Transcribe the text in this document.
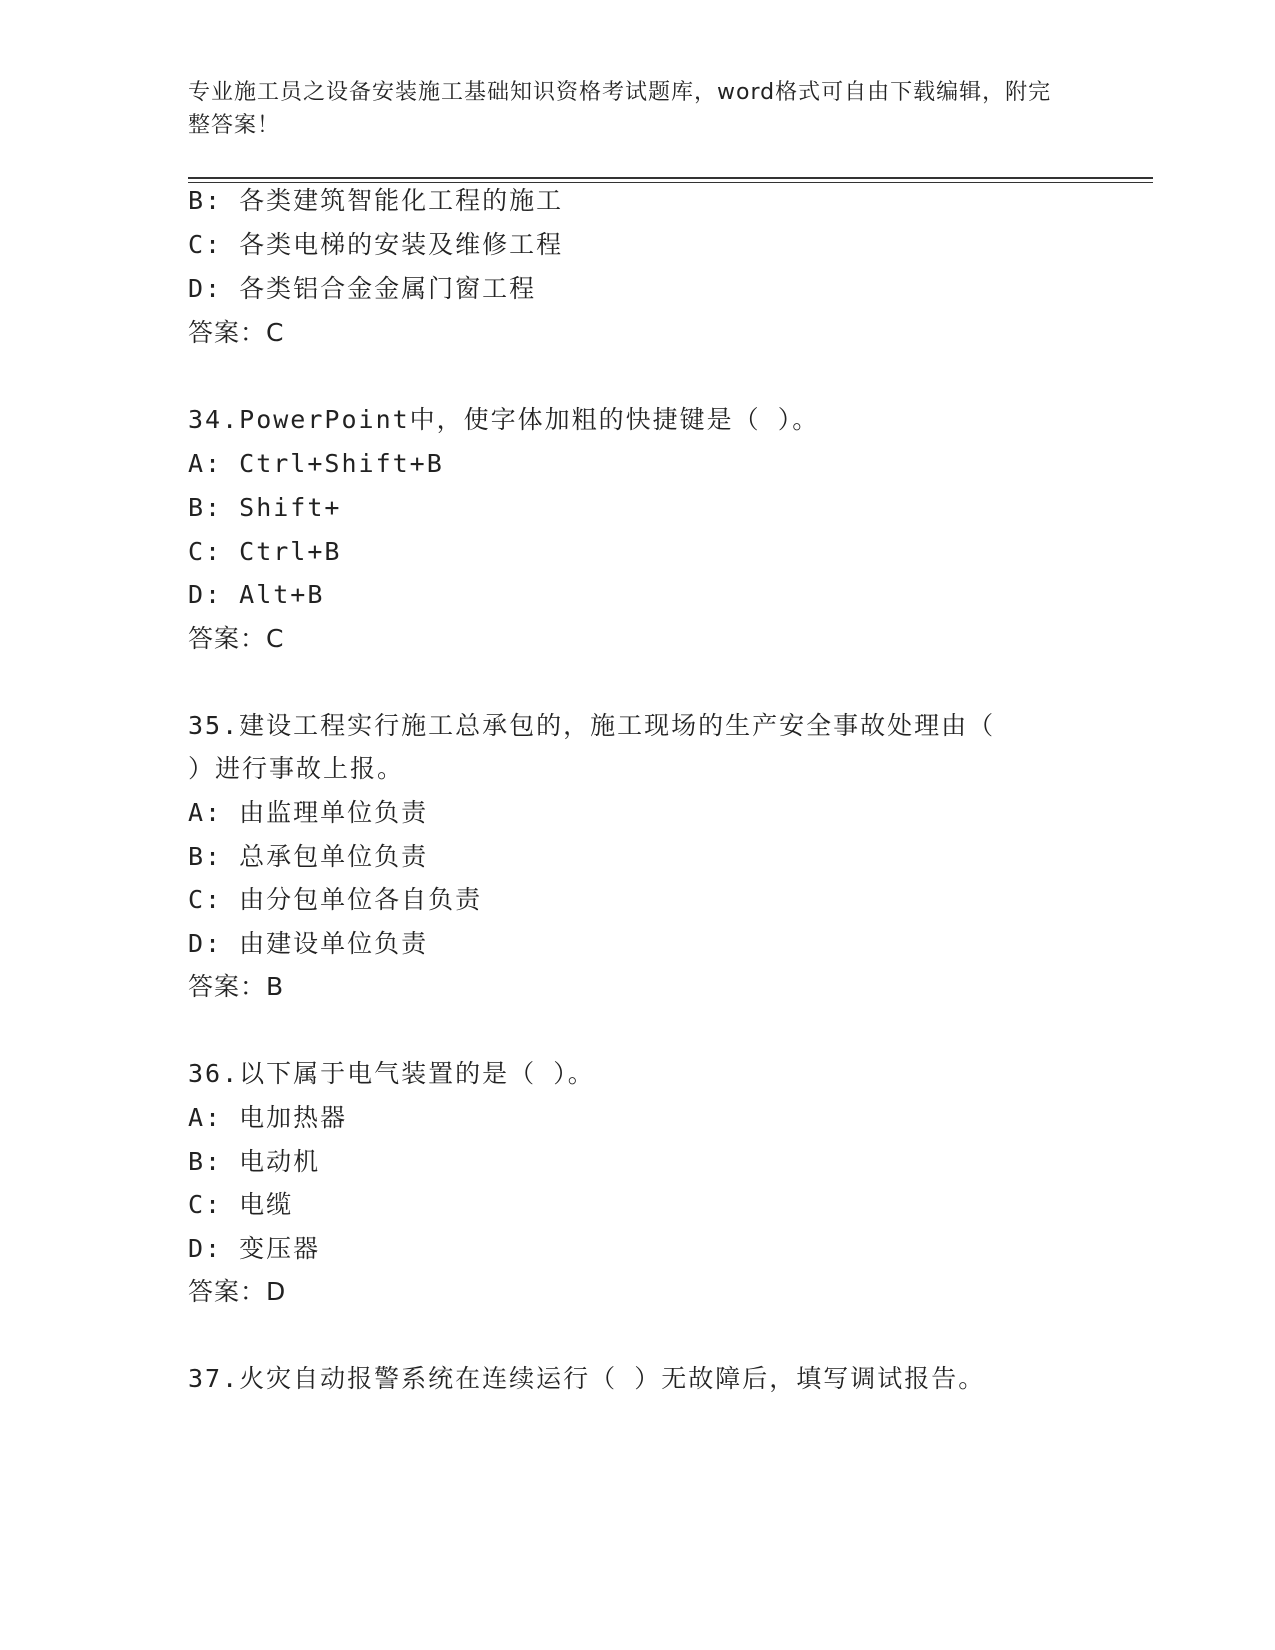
专业施工员之设备安装施工基础知识资格考试题库，word格式可自由下载编辑，附完整答案！
B: 各类建筑智能化工程的施工
C: 各类电梯的安装及维修工程
D: 各类铝合金金属门窗工程
答案：C
34.PowerPoint中，使字体加粗的快捷键是（ ）。
A: Ctrl+Shift+B
B: Shift+
C: Ctrl+B
D: Alt+B
答案：C
35.建设工程实行施工总承包的，施工现场的生产安全事故处理由（
）进行事故上报。
A: 由监理单位负责
B: 总承包单位负责
C: 由分包单位各自负责
D: 由建设单位负责
答案：B
36.以下属于电气装置的是（ ）。
A: 电加热器
B: 电动机
C: 电缆
D: 变压器
答案：D
37.火灾自动报警系统在连续运行（ ）无故障后，填写调试报告。
